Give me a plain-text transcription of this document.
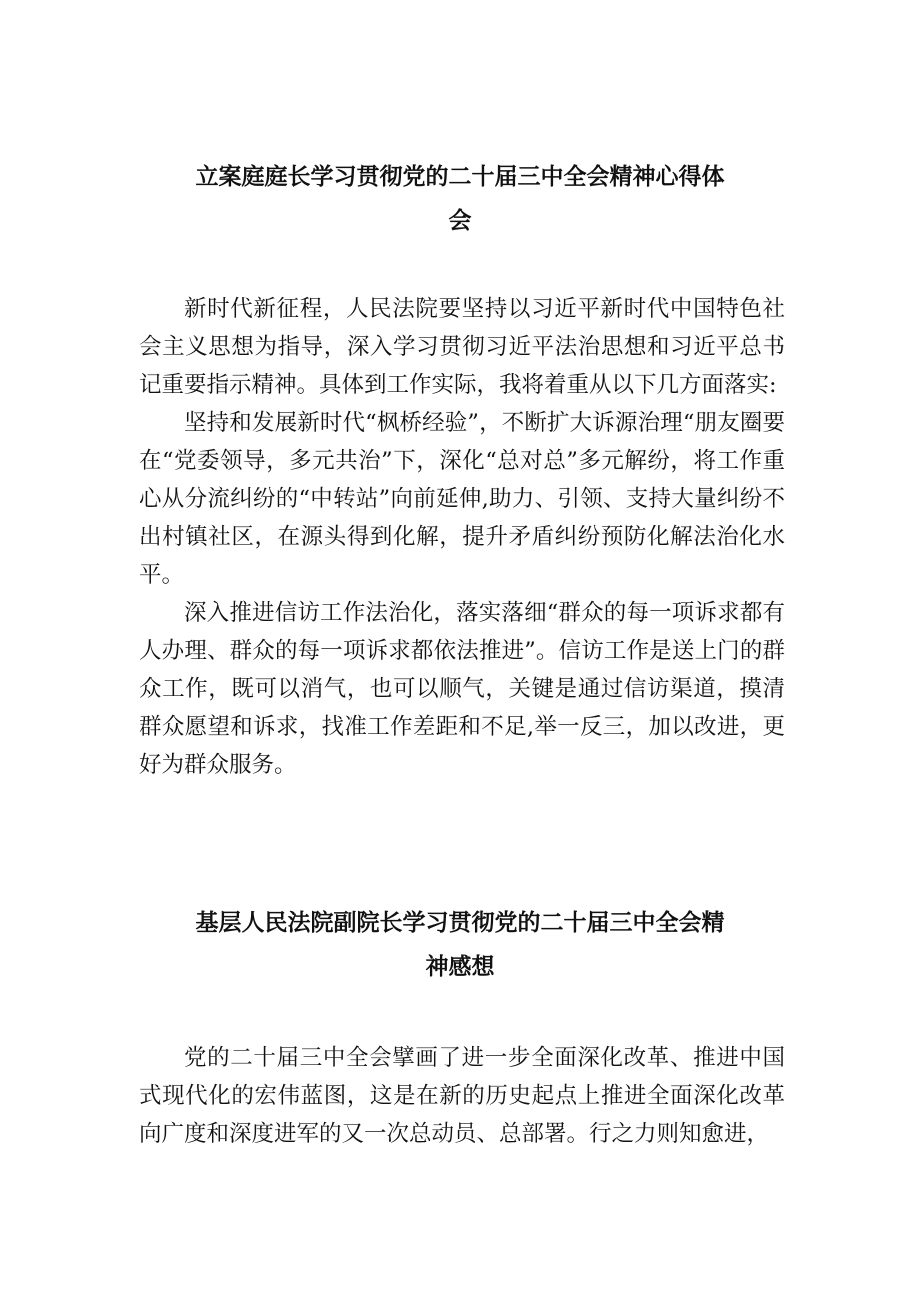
立案庭庭长学习贯彻党的二十届三中全会精神心得体
会

新时代新征程，人民法院要坚持以习近平新时代中国特色社会主义思想为指导，深入学习贯彻习近平法治思想和习近平总书记重要指示精神。具体到工作实际，我将着重从以下几方面落实:

坚持和发展新时代“枫桥经验”，不断扩大诉源治理“朋友圈要在“党委领导，多元共治”下，深化“总对总”多元解纷，将工作重心从分流纠纷的“中转站”向前延伸,助力、引领、支持大量纠纷不出村镇社区，在源头得到化解，提升矛盾纠纷预防化解法治化水平。

深入推进信访工作法治化，落实落细“群众的每一项诉求都有人办理、群众的每一项诉求都依法推进”。信访工作是送上门的群众工作，既可以消气，也可以顺气，关键是通过信访渠道，摸清群众愿望和诉求，找准工作差距和不足,举一反三，加以改进，更好为群众服务。

基层人民法院副院长学习贯彻党的二十届三中全会精
神感想

党的二十届三中全会擘画了进一步全面深化改革、推进中国式现代化的宏伟蓝图，这是在新的历史起点上推进全面深化改革向广度和深度进军的又一次总动员、总部署。行之力则知愈进，
